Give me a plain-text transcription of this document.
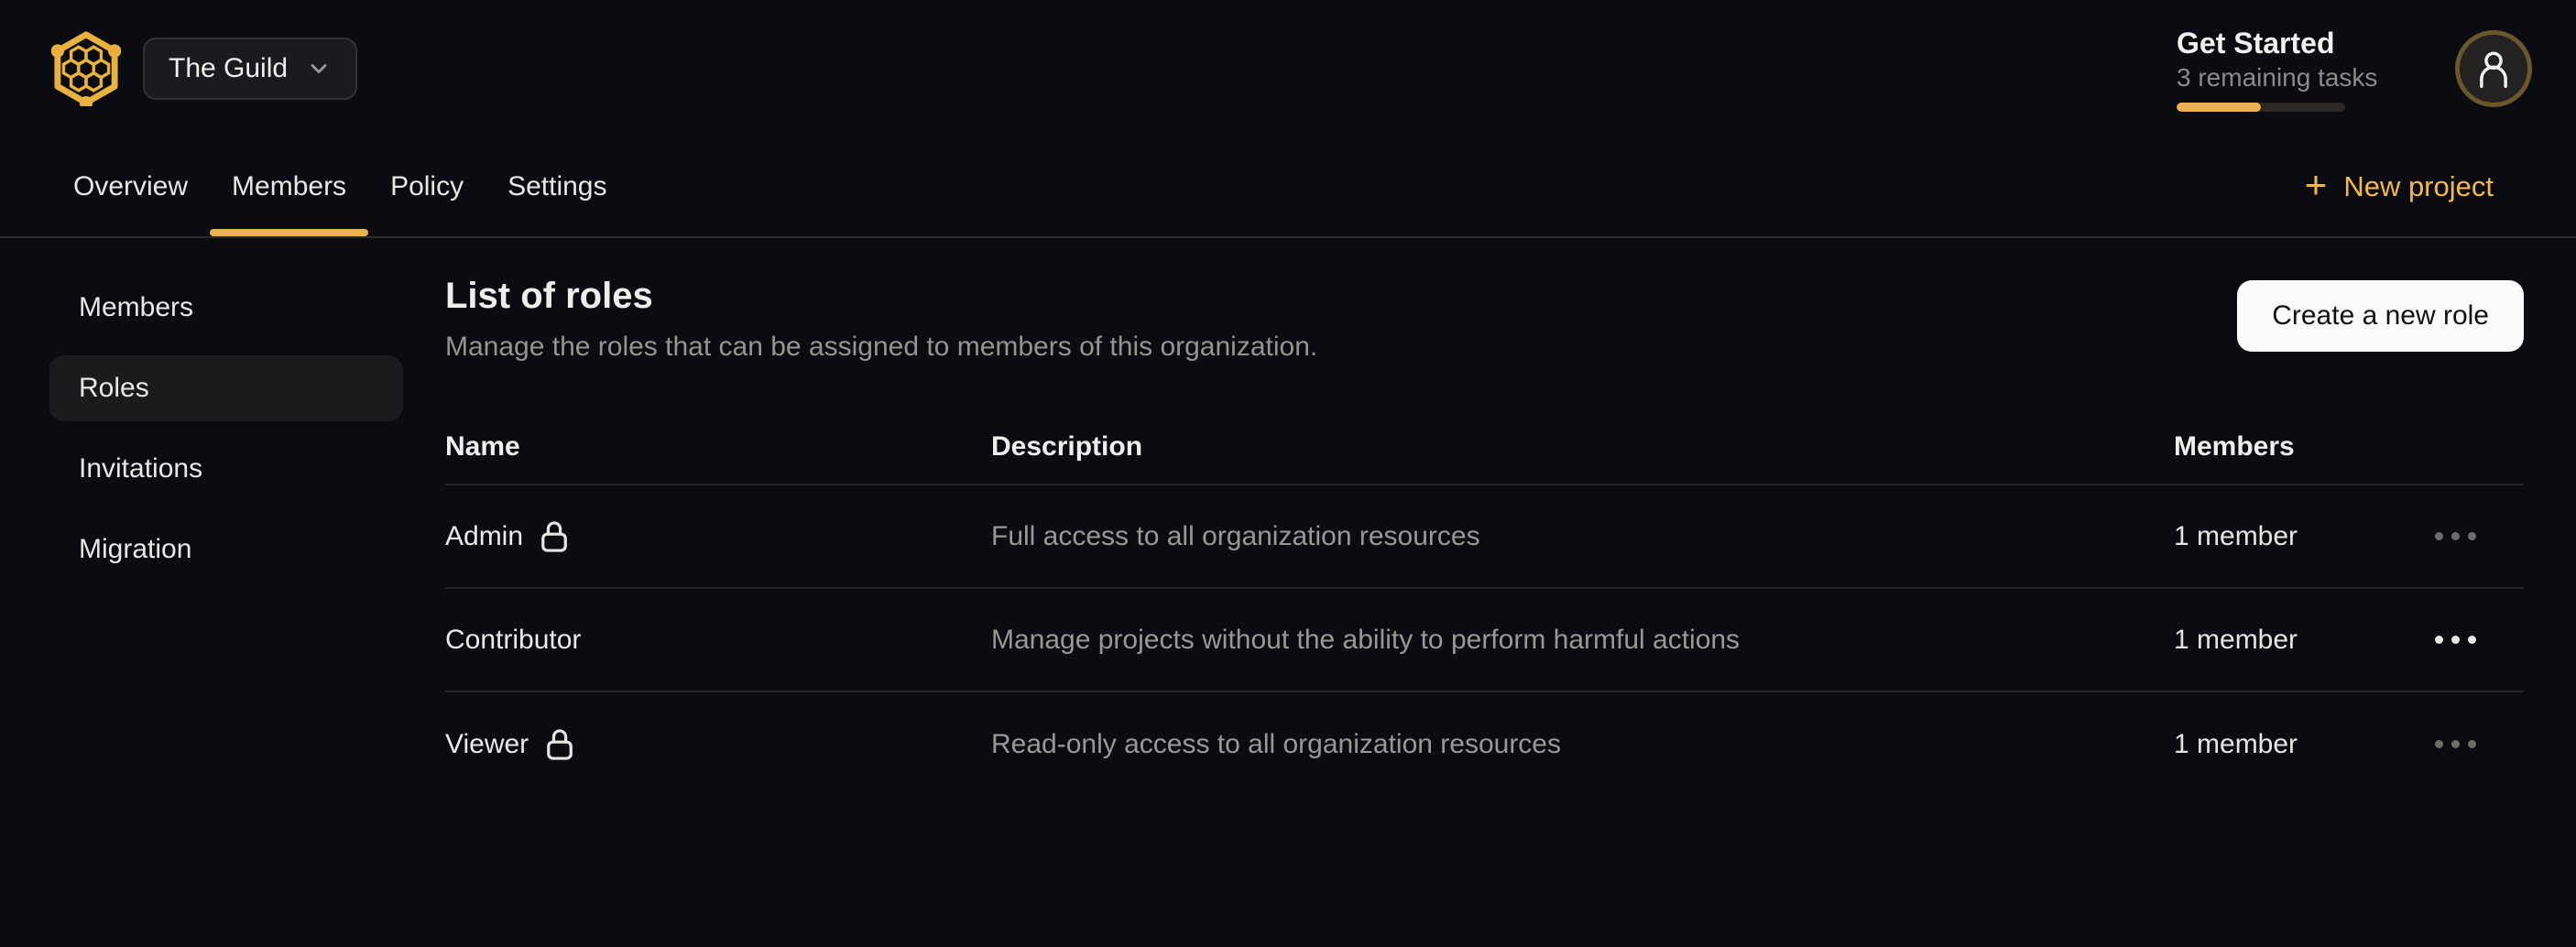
The Guild
Get Started
3 remaining tasks
Overview Members Policy Settings	+ New project
Members
Roles
Invitations
Migration
List of roles
Manage the roles that can be assigned to members of this organization.
Create a new role
Name	Description	Members
Admin	Full access to all organization resources	1 member
Contributor	Manage projects without the ability to perform harmful actions	1 member
Viewer	Read-only access to all organization resources	1 member
